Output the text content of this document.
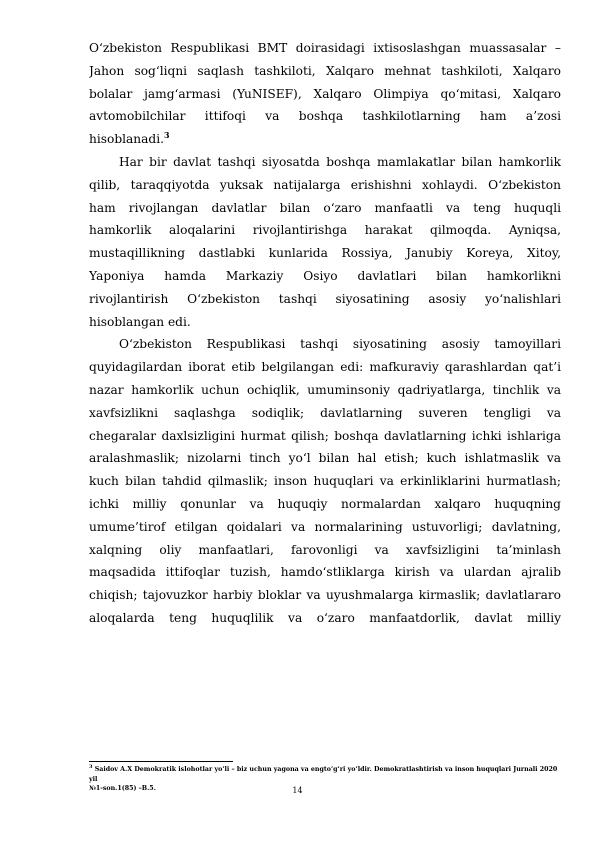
O‘zbekiston Respublikasi BMT doirasidagi ixtisoslashgan muassasalar –
Jahon sog‘liqni saqlash tashkiloti, Xalqaro mehnat tashkiloti, Xalqaro
bolalar jamg‘armasi (YuNISEF), Xalqaro Olimpiya qo‘mitasi, Xalqaro
avtomobilchilar ittifoqi va boshqa tashkilotlarning ham a’zosi
hisoblanadi.$^3$
Har bir davlat tashqi siyosatda boshqa mamlakatlar bilan hamkorlik
qilib, taraqqiyotda yuksak natijalarga erishishni xohlaydi. O‘zbekiston
ham rivojlangan davlatlar bilan o‘zaro manfaatli va teng huquqli
hamkorlik aloqalarini rivojlantirishga harakat qilmoqda. Ayniqsa,
mustaqillikning dastlabki kunlarida Rossiya, Janubiy Koreya, Xitoy,
Yaponiya hamda Markaziy Osiyo davlatlari bilan hamkorlikni
rivojlantirish O‘zbekiston tashqi siyosatining asosiy yo‘nalishlari
hisoblangan edi.
O‘zbekiston Respublikasi tashqi siyosatining asosiy tamoyillari
quyidagilardan iborat etib belgilangan edi: mafkuraviy qarashlardan qat’i
nazar hamkorlik uchun ochiqlik, umuminsoniy qadriyatlarga, tinchlik va
xavfsizlikni saqlashga sodiqlik; davlatlarning suveren tengligi va
chegaralar daxlsizligini hurmat qilish; boshqa davlatlarning ichki ishlariga
aralashmaslik; nizolarni tinch yo‘l bilan hal etish; kuch ishlatmaslik va
kuch bilan tahdid qilmaslik; inson huquqlari va erkinliklarini hurmatlash;
ichki milliy qonunlar va huquqiy normalardan xalqaro huquqning
umume’tirof etilgan qoidalari va normalarining ustuvorligi; davlatning,
xalqning oliy manfaatlari, farovonligi va xavfsizligini ta’minlash
maqsadida ittifoqlar tuzish, hamdo‘stliklarga kirish va ulardan ajralib
chiqish; tajovuzkor harbiy bloklar va uyushmalarga kirmaslik; davlatlararo
aloqalarda teng huquqlilik va o‘zaro manfaatdorlik, davlat milliy
$^3$ Saidov A.X Demokratik islohotlar yo‘li – biz uchun yagona va engto‘g‘ri yo‘ldir. Demokratlashtirish va inson huquqlari Jurnali 2020 yil
№1-son.1(85) –B.5.	14
